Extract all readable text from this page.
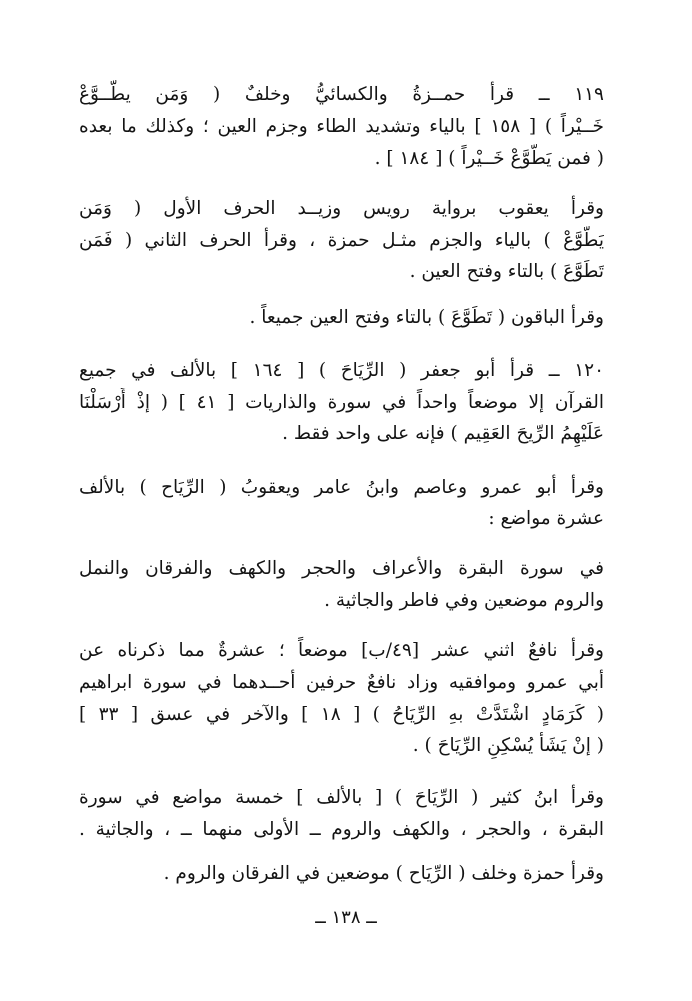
١١٩ ــ قرأ حمــزةُ والكسائيُّ وخلفٌ ( وَمَن يطَّــوَّعْ
خَــيْراً ) [ ١٥٨ ] بالياء وتشديد الطاء وجزم العين ؛ وكذلك ما بعده
( فمن يَطَّوَّعْ خَــيْراً ) [ ١٨٤ ] .
وقرأ يعقوب برواية رويس وزيــد الحرف الأول ( وَمَن
يَطَّوَّعْ ) بالياء والجزم مثـل حمزة ، وقرأ الحرف الثاني ( فَمَن
تَطَوَّعَ ) بالتاء وفتح العين .
وقرأ الباقون ( تَطَوَّعَ ) بالتاء وفتح العين جميعاً .
١٢٠ ــ قرأ أبو جعفر ( الرِّيَاحَ ) [ ١٦٤ ] بالألف في جميع
القرآن إلا موضعاً واحداً في سورة والذاريات [ ٤١ ] ( إذْ أَرْسَلْنَا
عَلَيْهِمُ الرِّيحَ العَقِيم ) فإنه على واحد فقط .
وقرأ أبو عمرو وعاصم وابنُ عامر ويعقوبُ ( الرِّيَاح ) بالألف
عشرة مواضع :
في سورة البقرة والأعراف والحجر والكهف والفرقان والنمل
والروم موضعين وفي فاطر والجاثية .
وقرأ نافعٌ اثني عشر [٤٩/ب] موضعاً ؛ عشرةٌ مما ذكرناه عن
أبي عمرو وموافقيه وزاد نافعٌ حرفين أحــدهما في سورة ابراهيم
( كَرَمَادٍ اشْتَدَّتْ بهِ الرِّيَاحُ ) [ ١٨ ] والآخر في عسق [ ٣٣ ]
( إنْ يَشَأْ يُسْكِنِ الرِّيَاحَ ) .
وقرأ ابنُ كثير ( الرِّيَاحَ ) [ بالألف ] خمسة مواضع في سورة
البقرة ، والحجر ، والكهف والروم ــ الأولى منهما ــ ، والجاثية .
وقرأ حمزة وخلف ( الرِّيَاح ) موضعين في الفرقان والروم .
ــ ١٣٨ ــ
